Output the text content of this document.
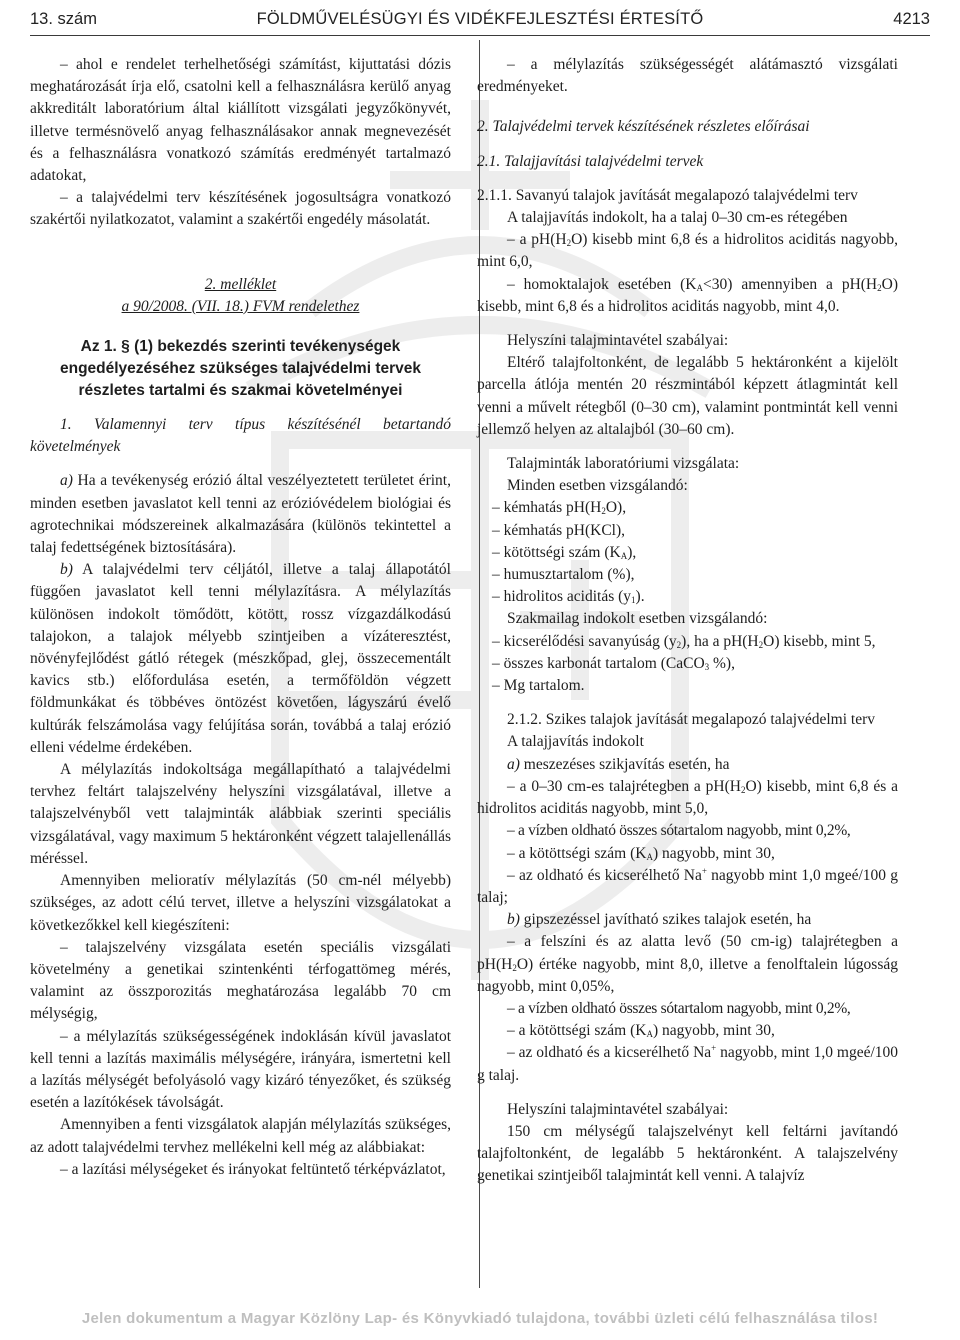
13. szám	FÖLDMŰVELÉSÜGYI ÉS VIDÉKFEJLESZTÉSI ÉRTESÍTŐ	4213

– ahol e rendelet terhelhetőségi számítást, kijuttatási dózis meghatározását írja elő, csatolni kell a felhasználásra kerülő anyag akkreditált laboratórium által kiállított vizsgálati jegyzőkönyvét, illetve termésnövelő anyag felhasználásakor annak megnevezését és a felhasználásra vonatkozó számítás eredményét tartalmazó adatokat,

– a talajvédelmi terv készítésének jogosultságra vonatkozó szakértői nyilatkozatot, valamint a szakértői engedély másolatát.

2. melléklet

a 90/2008. (VII. 18.) FVM rendelethez

Az 1. § (1) bekezdés szerinti tevékenységek engedélyezéséhez szükséges talajvédelmi tervek részletes tartalmi és szakmai követelményei

1. Valamennyi terv típus készítésénél betartandó követelmények

a) Ha a tevékenység erózió által veszélyeztetett területet érint, minden esetben javaslatot kell tenni az erózióvédelem biológiai és agrotechnikai módszereinek alkalmazására (különös tekintettel a talaj fedettségének biztosítására).

b) A talajvédelmi terv céljától, illetve a talaj állapotától függően javaslatot kell tenni mélylazításra. A mélylazítás különösen indokolt tömődött, kötött, rossz vízgazdálkodású talajokon, a talajok mélyebb szintjeiben a vízáteresztést, növényfejlődést gátló rétegek (mészkőpad, glej, összecementált kavics stb.) előfordulása esetén, a termőföldön végzett földmunkákat és többéves öntözést követően, lágyszárú évelő kultúrák felszámolása vagy felújítása során, továbbá a talaj erózió elleni védelme érdekében.

A mélylazítás indokoltsága megállapítható a talajvédelmi tervhez feltárt talajszelvény helyszíni vizsgálatával, illetve a talajszelvényből vett talajminták alábbiak szerinti speciális vizsgálatával, vagy maximum 5 hektáronként végzett talajellenállás méréssel.

Amennyiben melioratív mélylazítás (50 cm-nél mélyebb) szükséges, az adott célú tervet, illetve a helyszíni vizsgálatokat a következőkkel kell kiegészíteni:

– talajszelvény vizsgálata esetén speciális vizsgálati követelmény a genetikai szintenkénti térfogattömeg mérés, valamint az összporozitás meghatározása legalább 70 cm mélységig,

– a mélylazítás szükségességének indoklásán kívül javaslatot kell tenni a lazítás maximális mélységére, irányára, ismertetni kell a lazítás mélységét befolyásoló vagy kizáró tényezőket, és szükség esetén a lazítókések távolságát.

Amennyiben a fenti vizsgálatok alapján mélylazítás szükséges, az adott talajvédelmi tervhez mellékelni kell még az alábbiakat:

– a lazítási mélységeket és irányokat feltüntető térképvázlatot,

– a mélylazítás szükségességét alátámasztó vizsgálati eredményeket.

2. Talajvédelmi tervek készítésének részletes előírásai

2.1. Talajjavítási talajvédelmi tervek

2.1.1. Savanyú talajok javítását megalapozó talajvédelmi terv

A talajjavítás indokolt, ha a talaj 0–30 cm-es rétegében

– a $pH(H_2O)$ kisebb mint 6,8 és a hidrolitos aciditás nagyobb, mint 6,0,

– homoktalajok esetében $(K_A<30)$ amennyiben a $pH(H_2O)$ kisebb, mint 6,8 és a hidrolitos aciditás nagyobb, mint 4,0.

Helyszíni talajmintavétel szabályai:

Eltérő talajfoltonként, de legalább 5 hektáronként a kijelölt parcella átlója mentén 20 részmintából képzett átlagmintát kell venni a művelt rétegből (0–30 cm), valamint pontmintát kell venni jellemző helyen az altalajból (30–60 cm).

Talajminták laboratóriumi vizsgálata:

Minden esetben vizsgálandó:

– kémhatás $pH(H_2O)$,

– kémhatás pH(KCl),

– kötöttségi szám $(K_A)$,

– humusztartalom (%),

– hidrolitos aciditás $(y_1)$.

Szakmailag indokolt esetben vizsgálandó:

– kicserélődési savanyúság $(y_2)$, ha a $pH(H_2O)$ kisebb, mint 5,

– összes karbonát tartalom (CaCO$_3$ %),

– Mg tartalom.

2.1.2. Szikes talajok javítását megalapozó talajvédelmi terv

A talajjavítás indokolt

a) meszezéses szikjavítás esetén, ha

– a 0–30 cm-es talajrétegben a $pH(H_2O)$ kisebb, mint 6,8 és a hidrolitos aciditás nagyobb, mint 5,0,

– a vízben oldható összes sótartalom nagyobb, mint 0,2%,

– a kötöttségi szám $(K_A)$ nagyobb, mint 30,

– az oldható és kicserélhető Na+ nagyobb mint 1,0 mgeé/100 g talaj;

b) gipszezéssel javítható szikes talajok esetén, ha

– a felszíni és az alatta levő (50 cm-ig) talajrétegben a $pH(H_2O)$ értéke nagyobb, mint 8,0, illetve a fenolftalein lúgosság nagyobb, mint 0,05%,

– a vízben oldható összes sótartalom nagyobb, mint 0,2%,

– a kötöttségi szám $(K_A)$ nagyobb, mint 30,

– az oldható és a kicserélhető Na+ nagyobb, mint 1,0 mgeé/100 g talaj.

Helyszíni talajmintavétel szabályai:

150 cm mélységű talajszelvényt kell feltárni javítandó talajfoltonként, de legalább 5 hektáronként. A talajszelvény genetikai szintjeiből talajmintát kell venni. A talajvíz

Jelen dokumentum a Magyar Közlöny Lap- és Könyvkiadó tulajdona, további üzleti célú felhasználása tilos!
